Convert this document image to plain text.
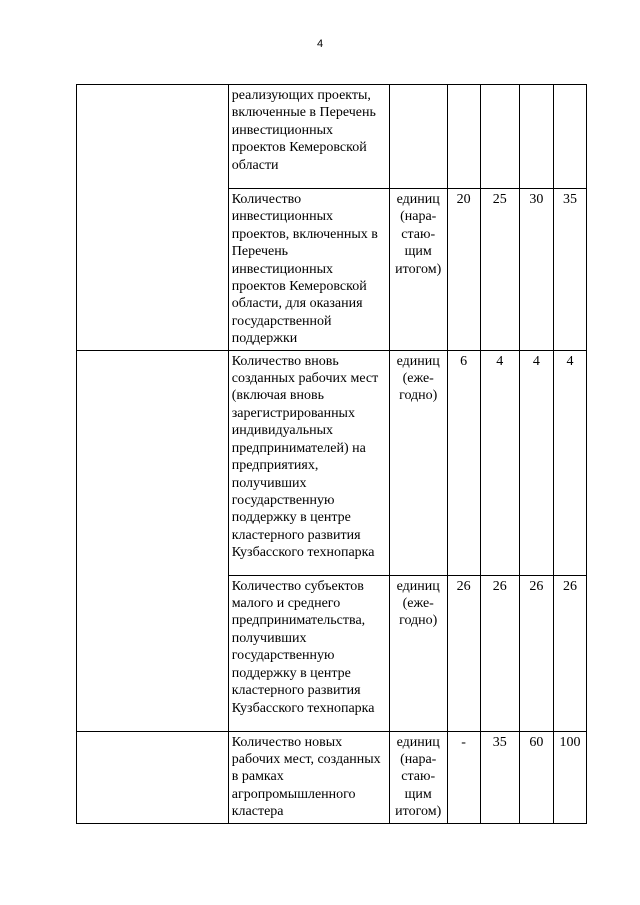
4
	реализующих проекты, включенные в Перечень инвестиционных проектов Кемеровской области					
	Количество инвестиционных проектов, включенных в Перечень инвестиционных проектов Кемеровской области, для оказания государственной поддержки	единиц (нара-стаю-щим итогом)	20	25	30	35
	Количество вновь созданных рабочих мест (включая вновь зарегистрированных индивидуальных предпринимателей) на предприятиях, получивших государственную поддержку в центре кластерного развития Кузбасского технопарка	единиц (еже-годно)	6	4	4	4
	Количество субъектов малого и среднего предпринимательства, получивших государственную поддержку в центре кластерного развития Кузбасского технопарка	единиц (еже-годно)	26	26	26	26
	Количество новых рабочих мест, созданных в рамках агропромышленного кластера	единиц (нара-стаю-щим итогом)	-	35	60	100
